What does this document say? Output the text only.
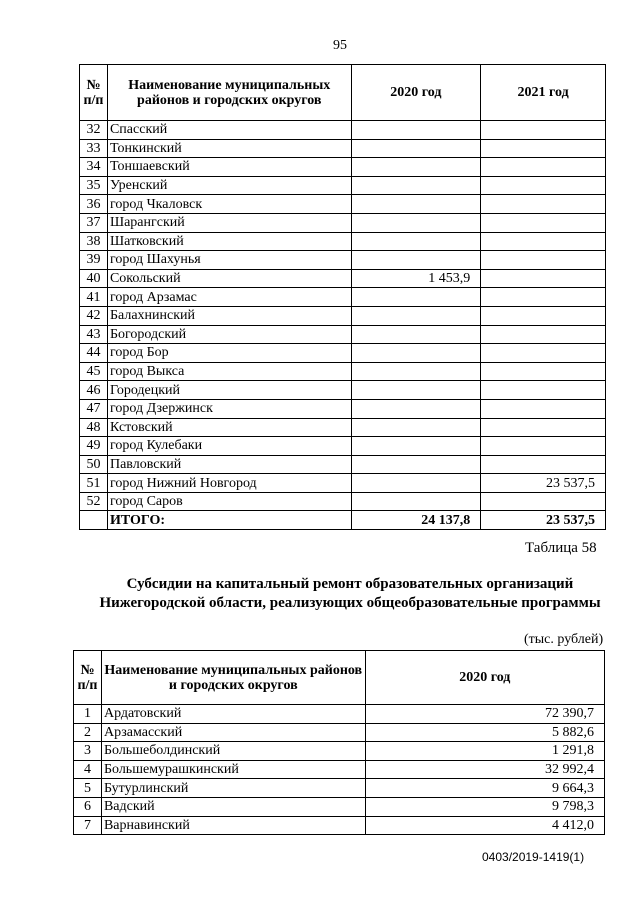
95
№ п/п	Наименование муниципальных районов и городских округов	2020 год	2021 год
32	Спасский		
33	Тонкинский		
34	Тоншаевский		
35	Уренский		
36	город Чкаловск		
37	Шарангский		
38	Шатковский		
39	город Шахунья		
40	Сокольский	1 453,9	
41	город Арзамас		
42	Балахнинский		
43	Богородский		
44	город Бор		
45	город Выкса		
46	Городецкий		
47	город Дзержинск		
48	Кстовский		
49	город Кулебаки		
50	Павловский		
51	город Нижний Новгород		23 537,5
52	город Саров		
	ИТОГО:	24 137,8	23 537,5
Таблица 58
Субсидии на капитальный ремонт образовательных организаций
Нижегородской области, реализующих общеобразовательные программы
(тыс. рублей)
№ п/п	Наименование муниципальных районов и городских округов	2020 год
1	Ардатовский	72 390,7
2	Арзамасский	5 882,6
3	Большеболдинский	1 291,8
4	Большемурашкинский	32 992,4
5	Бутурлинский	9 664,3
6	Вадский	9 798,3
7	Варнавинский	4 412,0
0403/2019-1419(1)
